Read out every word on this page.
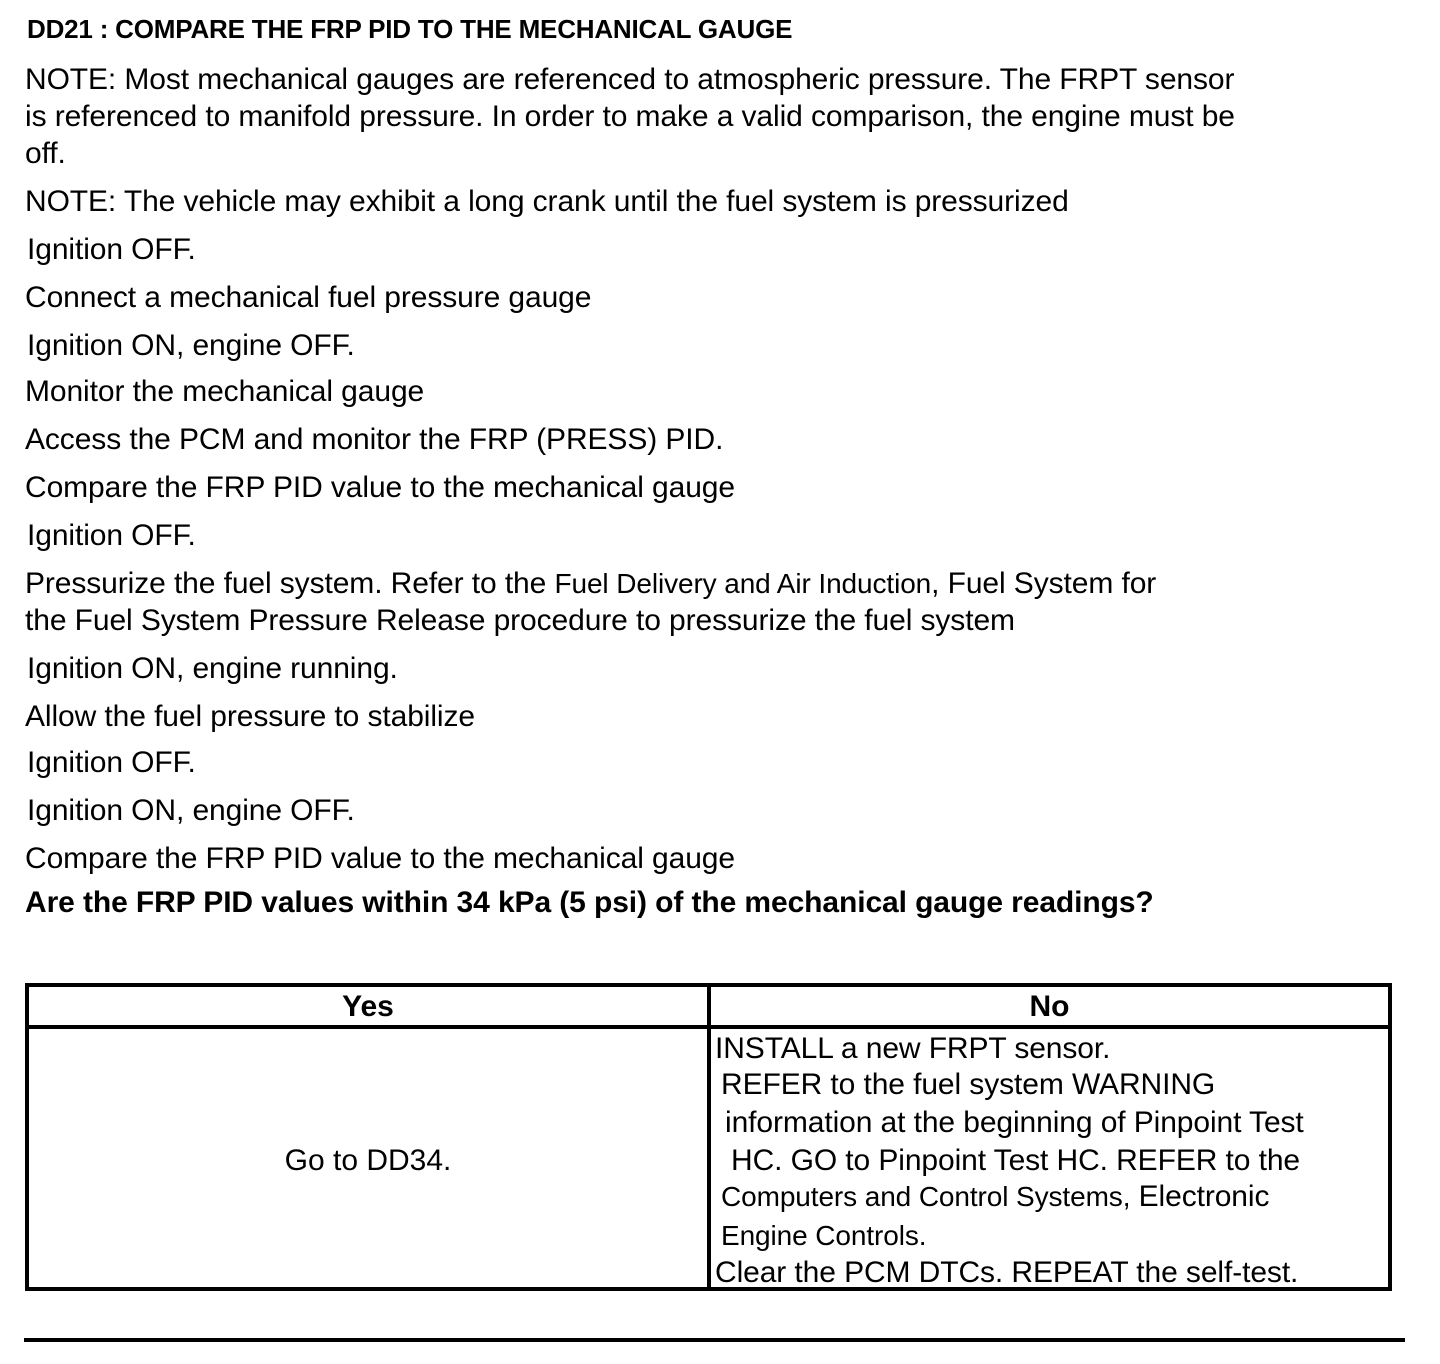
DD21 : COMPARE THE FRP PID TO THE MECHANICAL GAUGE
NOTE: Most mechanical gauges are referenced to atmospheric pressure. The FRPT sensor
is referenced to manifold pressure. In order to make a valid comparison, the engine must be
off.
NOTE: The vehicle may exhibit a long crank until the fuel system is pressurized
Ignition OFF.
Connect a mechanical fuel pressure gauge
Ignition ON, engine OFF.
Monitor the mechanical gauge
Access the PCM and monitor the FRP (PRESS) PID.
Compare the FRP PID value to the mechanical gauge
Ignition OFF.
Pressurize the fuel system. Refer to the Fuel Delivery and Air Induction, Fuel System for
the Fuel System Pressure Release procedure to pressurize the fuel system
Ignition ON, engine running.
Allow the fuel pressure to stabilize
Ignition OFF.
Ignition ON, engine OFF.
Compare the FRP PID value to the mechanical gauge
Are the FRP PID values within 34 kPa (5 psi) of the mechanical gauge readings?
Yes	No
Go to DD34.
INSTALL a new FRPT sensor.
REFER to the fuel system WARNING
information at the beginning of Pinpoint Test
HC. GO to Pinpoint Test HC. REFER to the
Computers and Control Systems, Electronic
Engine Controls.
Clear the PCM DTCs. REPEAT the self-test.
